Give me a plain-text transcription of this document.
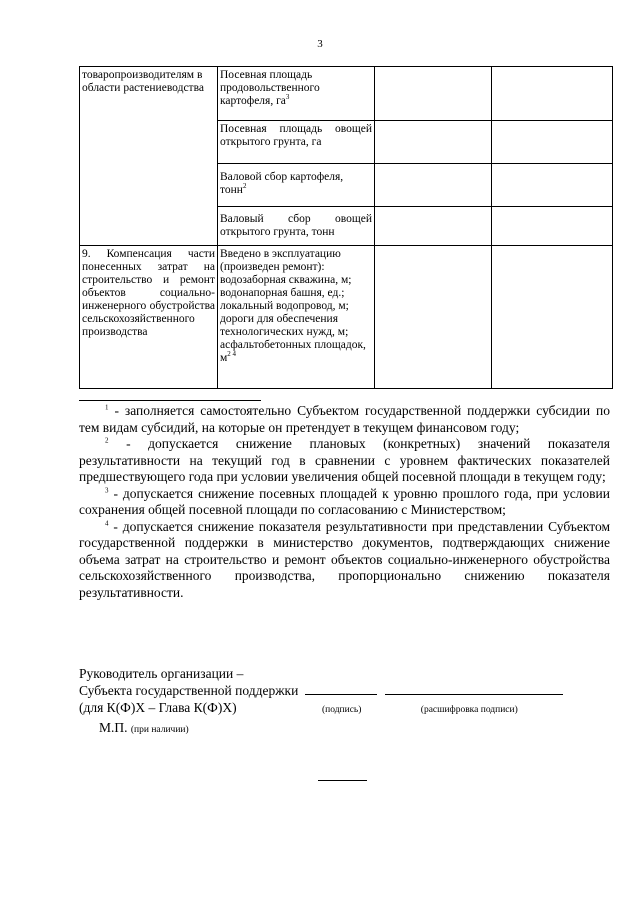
3
товаропроизводителям в области растениеводства	Посевная площадь продовольственного картофеля, $га^3$		
	Посевная площадь овощей открытого грунта, га		
	Валовой сбор картофеля, тонн$^2$		
	Валовый сбор овощей открытого грунта, тонн		
9. Компенсация части понесенных затрат на строительство и ремонт объектов социально-инженерного обустройства сельскохозяйственного производства	Введено в эксплуатацию (произведен ремонт): водозаборная скважина, м; водонапорная башня, ед.; локальный водопровод, м; дороги для обеспечения технологических нужд, м; асфальтобетонных площадок, $м^{2 4}$		

$^1$ - заполняется самостоятельно Субъектом государственной поддержки субсидии по тем видам субсидий, на которые он претендует в текущем финансовом году;

$^2$ - допускается снижение плановых (конкретных) значений показателя результативности на текущий год в сравнении с уровнем фактических показателей предшествующего года при условии увеличения общей посевной площади в текущем году;

$^3$ - допускается снижение посевных площадей к уровню прошлого года, при условии сохранения общей посевной площади по согласованию с Министерством;

$^4$ - допускается снижение показателя результативности при представлении Субъектом государственной поддержки в министерство документов, подтверждающих снижение объема затрат на строительство и ремонт объектов социально-инженерного обустройства сельскохозяйственного производства, пропорционально снижению показателя результативности.

Руководитель организации –
Субъекта государственной поддержки
(для К(Ф)Х – Глава К(Ф)Х)	(подпись)	(расшифровка подписи)
М.П. (при наличии)
